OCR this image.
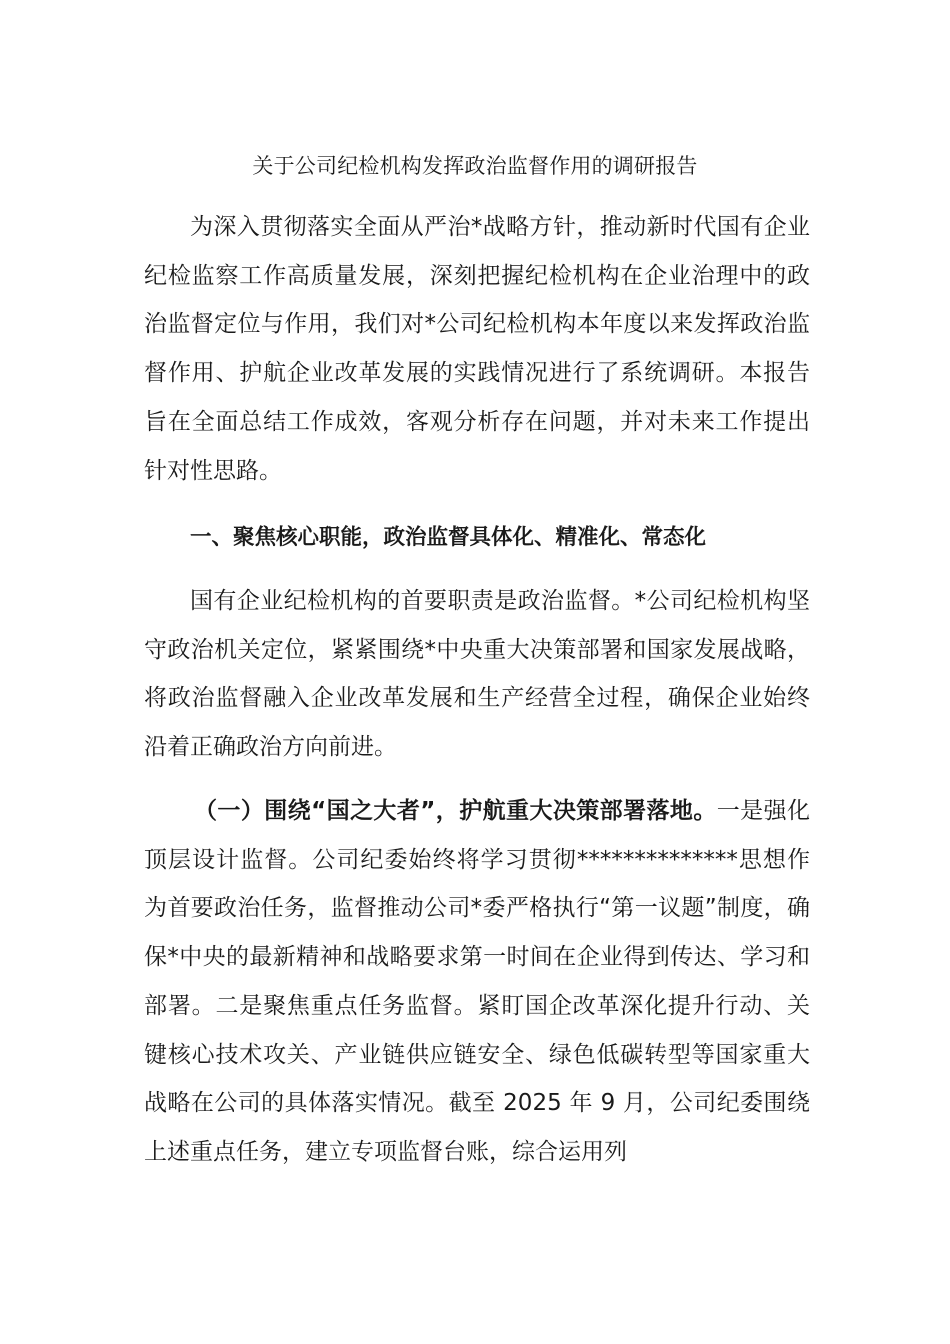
关于公司纪检机构发挥政治监督作用的调研报告

为深入贯彻落实全面从严治*战略方针，推动新时代国有企业纪检监察工作高质量发展，深刻把握纪检机构在企业治理中的政治监督定位与作用，我们对*公司纪检机构本年度以来发挥政治监督作用、护航企业改革发展的实践情况进行了系统调研。本报告旨在全面总结工作成效，客观分析存在问题，并对未来工作提出针对性思路。

一、聚焦核心职能，政治监督具体化、精准化、常态化

国有企业纪检机构的首要职责是政治监督。*公司纪检机构坚守政治机关定位，紧紧围绕*中央重大决策部署和国家发展战略，将政治监督融入企业改革发展和生产经营全过程，确保企业始终沿着正确政治方向前进。

（一）围绕“国之大者”，护航重大决策部署落地。一是强化顶层设计监督。公司纪委始终将学习贯彻**************思想作为首要政治任务，监督推动公司*委严格执行“第一议题”制度，确保*中央的最新精神和战略要求第一时间在企业得到传达、学习和部署。二是聚焦重点任务监督。紧盯国企改革深化提升行动、关键核心技术攻关、产业链供应链安全、绿色低碳转型等国家重大战略在公司的具体落实情况。截至 2025 年 9 月，公司纪委围绕上述重点任务，建立专项监督台账，综合运用列
